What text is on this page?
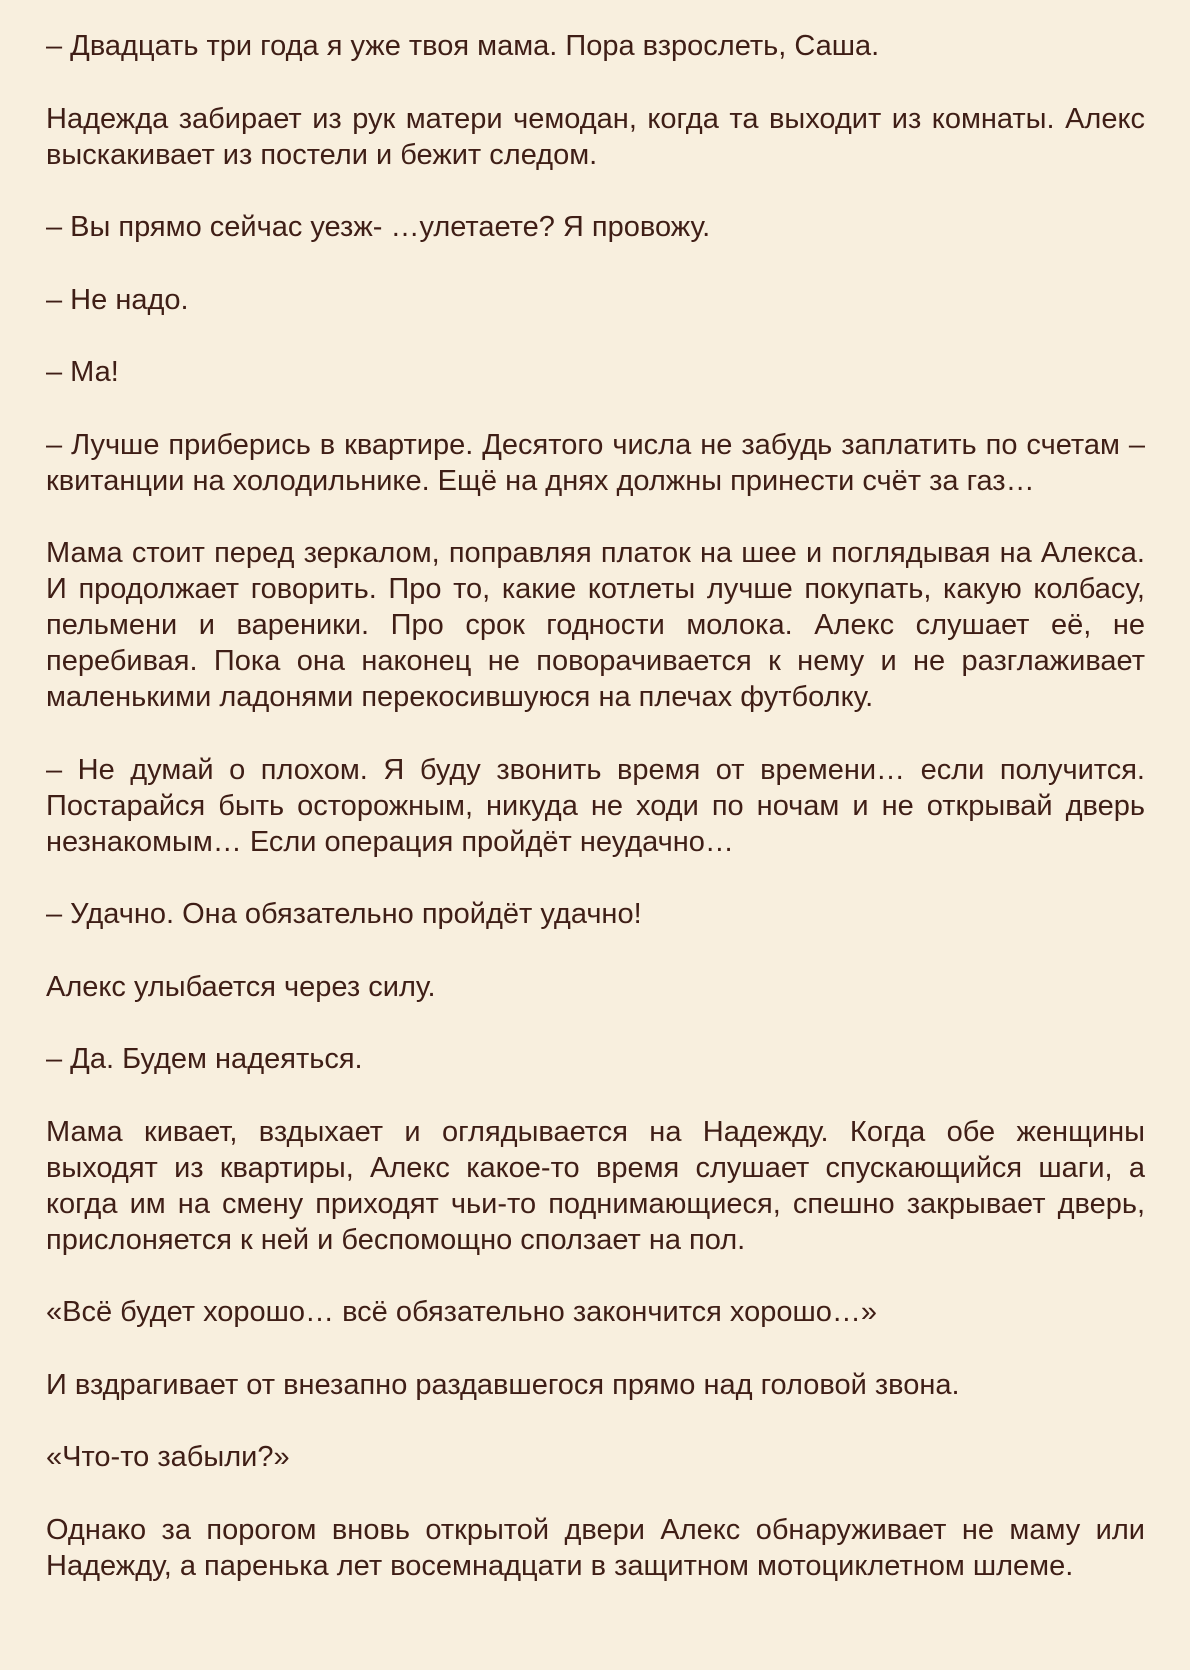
– Двадцать три года я уже твоя мама. Пора взрослеть, Саша.

Надежда забирает из рук матери чемодан, когда та выходит из комнаты. Алекс выскакивает из постели и бежит следом.

– Вы прямо сейчас уезж- …улетаете? Я провожу.

– Не надо.

– Ма!

– Лучше приберись в квартире. Десятого числа не забудь заплатить по счетам – квитанции на холодильнике. Ещё на днях должны принести счёт за газ…

Мама стоит перед зеркалом, поправляя платок на шее и поглядывая на Алекса. И продолжает говорить. Про то, какие котлеты лучше покупать, какую колбасу, пельмени и вареники. Про срок годности молока. Алекс слушает её, не перебивая. Пока она наконец не поворачивается к нему и не разглаживает маленькими ладонями перекосившуюся на плечах футболку.

– Не думай о плохом. Я буду звонить время от времени… если получится. Постарайся быть осторожным, никуда не ходи по ночам и не открывай дверь незнакомым… Если операция пройдёт неудачно…

– Удачно. Она обязательно пройдёт удачно!

Алекс улыбается через силу.

– Да. Будем надеяться.

Мама кивает, вздыхает и оглядывается на Надежду. Когда обе женщины выходят из квартиры, Алекс какое-то время слушает спускающийся шаги, а когда им на смену приходят чьи-то поднимающиеся, спешно закрывает дверь, прислоняется к ней и беспомощно сползает на пол.

«Всё будет хорошо… всё обязательно закончится хорошо…»

И вздрагивает от внезапно раздавшегося прямо над головой звона.

«Что-то забыли?»

Однако за порогом вновь открытой двери Алекс обнаруживает не маму или Надежду, а паренька лет восемнадцати в защитном мотоциклетном шлеме.
